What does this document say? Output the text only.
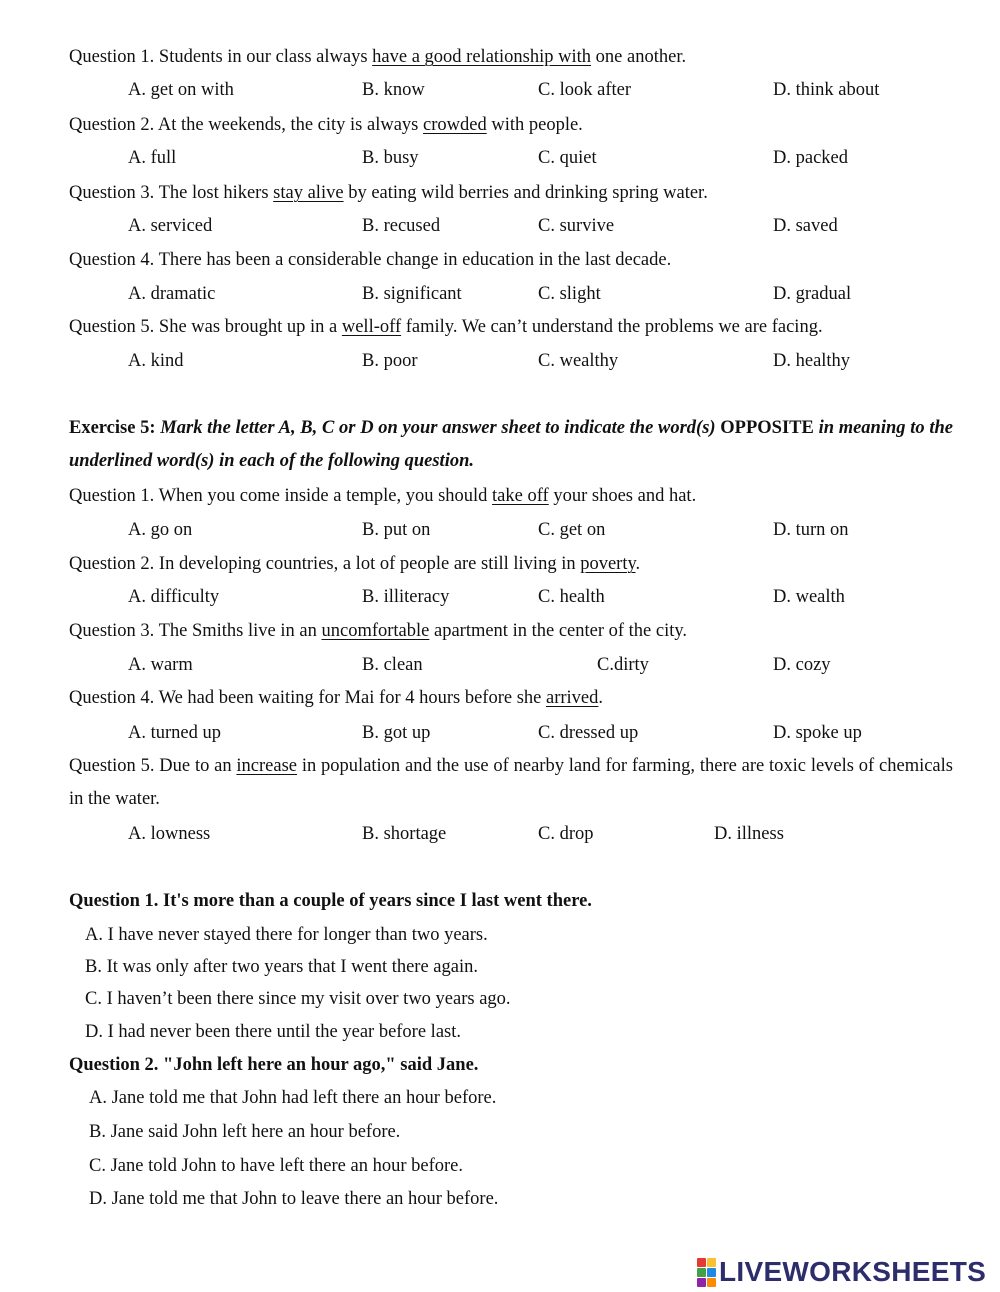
Question 1. Students in our class always have a good relationship with one another.
A. get on with	B. know	C. look after	D. think about
Question 2. At the weekends, the city is always crowded with people.
A. full	B. busy	C. quiet	D. packed
Question 3. The lost hikers stay alive by eating wild berries and drinking spring water.
A. serviced	B. recused	C. survive	D. saved
Question 4. There has been a considerable change in education in the last decade.
A. dramatic	B. significant	C. slight	D. gradual
Question 5. She was brought up in a well-off family. We can’t understand the problems we are facing.
A. kind	B. poor	C. wealthy	D. healthy
Exercise 5: Mark the letter A, B, C or D on your answer sheet to indicate the word(s) OPPOSITE in meaning to the underlined word(s) in each of the following question.
Question 1. When you come inside a temple, you should take off your shoes and hat.
A. go on	B. put on	C. get on	D. turn on
Question 2. In developing countries, a lot of people are still living in poverty.
A. difficulty	B. illiteracy	C. health	D. wealth
Question 3. The Smiths live in an uncomfortable apartment in the center of the city.
A. warm	B. clean	C.dirty	D. cozy
Question 4. We had been waiting for Mai for 4 hours before she arrived.
A. turned up	B. got up	C. dressed up	D. spoke up
Question 5. Due to an increase in population and the use of nearby land for farming, there are toxic levels of chemicals in the water.
A. lowness	B. shortage	C. drop	D. illness
Question 1. It's more than a couple of years since I last went there.
A. I have never stayed there for longer than two years.
B. It was only after two years that I went there again.
C. I haven’t been there since my visit over two years ago.
D. I had never been there until the year before last.
Question 2. "John left here an hour ago," said Jane.
A. Jane told me that John had left there an hour before.
B. Jane said John left here an hour before.
C. Jane told John to have left there an hour before.
D. Jane told me that John to leave there an hour before.
LIVEWORKSHEETS
